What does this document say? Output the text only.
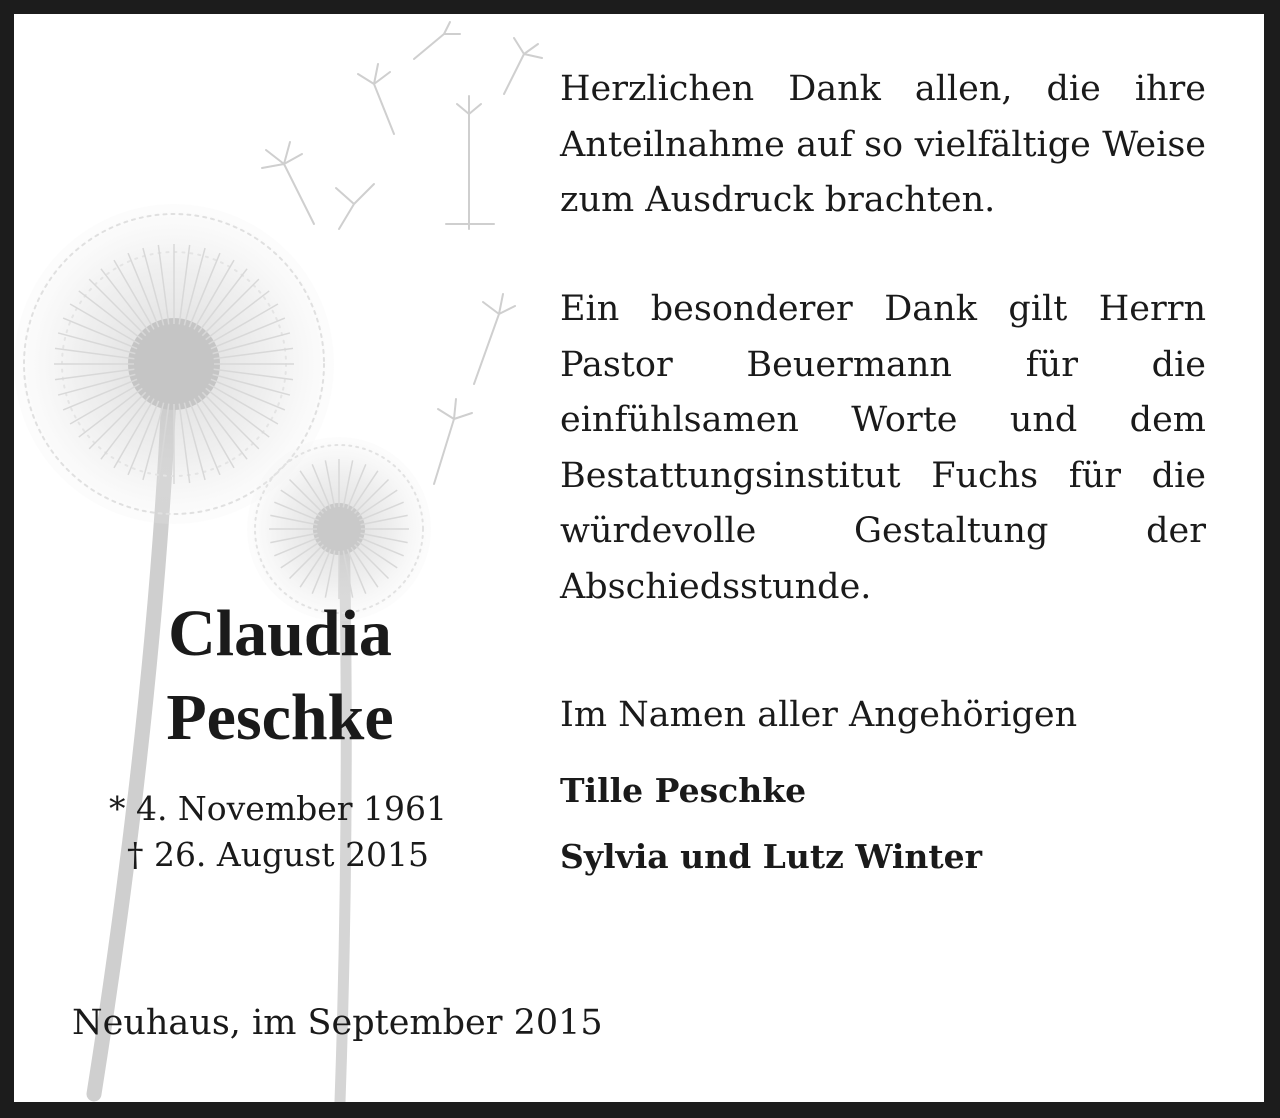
Herzlichen Dank allen, die ihre Anteilnahme auf so vielfältige Weise zum Ausdruck brachten.

Ein besonderer Dank gilt Herrn Pastor Beuermann für die einfühlsamen Worte und dem Bestattungsinstitut Fuchs für die würdevolle Gestaltung der Abschiedsstunde.

Claudia
Peschke
* 4. November 1961
† 26. August 2015
Im Namen aller Angehörigen
Tille Peschke
Sylvia und Lutz Winter
Neuhaus, im September 2015
